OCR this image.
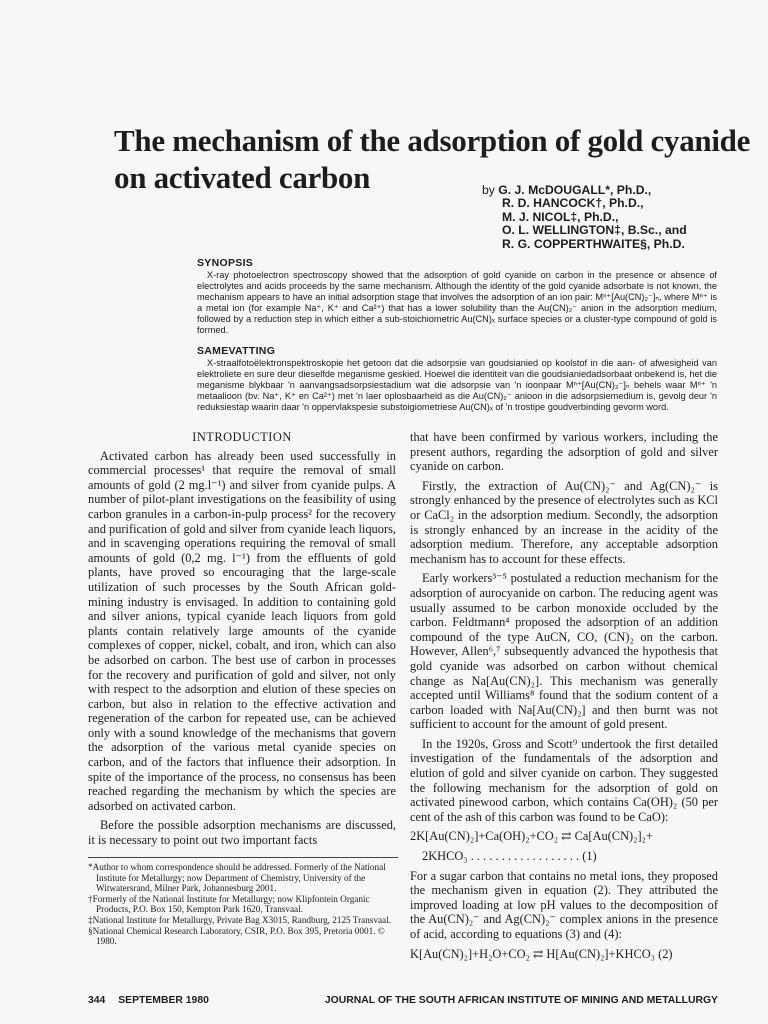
The mechanism of the adsorption of gold cyanide on activated carbon	by G. J. McDOUGALL*, Ph.D.,
R. D. HANCOCK†, Ph.D.,
M. J. NICOL‡, Ph.D.,
O. L. WELLINGTON‡, B.Sc., and
R. G. COPPERTHWAITE§, Ph.D.
SYNOPSIS

X-ray photoelectron spectroscopy showed that the adsorption of gold cyanide on carbon in the presence or absence of electrolytes and acids proceeds by the same mechanism. Although the identity of the gold cyanide adsorbate is not known, the mechanism appears to have an initial adsorption stage that involves the adsorption of an ion pair: Mⁿ⁺[Au(CN)₂⁻]ₙ, where Mⁿ⁺ is a metal ion (for example Na⁺, K⁺ and Ca²⁺) that has a lower solubility than the Au(CN)₂⁻ anion in the adsorption medium, followed by a reduction step in which either a sub-stoichiometric Au(CN)ₓ surface species or a cluster-type compound of gold is formed.

SAMEVATTING

X-straalfotoëlektronspektroskopie het getoon dat die adsorpsie van goudsianied op koolstof in die aan- of afwesigheid van elektroliete en sure deur dieselfde meganisme geskied. Hoewel die identiteit van die goudsianiedadsorbaat onbekend is, het die meganisme blykbaar 'n aanvangsadsorpsiestadium wat die adsorpsie van 'n ioonpaar Mⁿ⁺[Au(CN)₂⁻]ₙ behels waar Mⁿ⁺ 'n metaalioon (bv. Na⁺, K⁺ en Ca²⁺) met 'n laer oplosbaarheid as die Au(CN)₂⁻ anioon in die adsorpsiemedium is, gevolg deur 'n reduksiestap waarin daar 'n oppervlakspesie substoigiometriese Au(CN)ₓ of 'n trostipe goudverbinding gevorm word.

INTRODUCTION

Activated carbon has already been used successfully in commercial processes¹ that require the removal of small amounts of gold (2 mg.l⁻¹) and silver from cyanide pulps. A number of pilot-plant investigations on the feasibility of using carbon granules in a carbon-in-pulp process² for the recovery and purification of gold and silver from cyanide leach liquors, and in scavenging operations requiring the removal of small amounts of gold (0,2 mg. l⁻¹) from the effluents of gold plants, have proved so encouraging that the large-scale utilization of such processes by the South African gold-mining industry is envisaged. In addition to containing gold and silver anions, typical cyanide leach liquors from gold plants contain relatively large amounts of the cyanide complexes of copper, nickel, cobalt, and iron, which can also be adsorbed on carbon. The best use of carbon in processes for the recovery and purification of gold and silver, not only with respect to the adsorption and elution of these species on carbon, but also in relation to the effective activation and regeneration of the carbon for repeated use, can be achieved only with a sound knowledge of the mechanisms that govern the adsorption of the various metal cyanide species on carbon, and of the factors that influence their adsorption. In spite of the importance of the process, no consensus has been reached regarding the mechanism by which the species are adsorbed on activated carbon.

Before the possible adsorption mechanisms are discussed, it is necessary to point out two important facts

*Author to whom correspondence should be addressed. Formerly of the National Institute for Metallurgy; now Department of Chemistry, University of the Witwatersrand, Milner Park, Johannesburg 2001.
†Formerly of the National Institute for Metallurgy; now Klipfontein Organic Products, P.O. Box 150, Kempton Park 1620, Transvaal.
‡National Institute for Metallurgy, Private Bag X3015, Randburg, 2125 Transvaal.
§National Chemical Research Laboratory, CSIR, P.O. Box 395, Pretoria 0001. © 1980.

that have been confirmed by various workers, including the present authors, regarding the adsorption of gold and silver cyanide on carbon.

Firstly, the extraction of Au(CN)₂⁻ and Ag(CN)₂⁻ is strongly enhanced by the presence of electrolytes such as KCl or CaCl₂ in the adsorption medium. Secondly, the adsorption is strongly enhanced by an increase in the acidity of the adsorption medium. Therefore, any acceptable adsorption mechanism has to account for these effects.

Early workers³⁻⁵ postulated a reduction mechanism for the adsorption of aurocyanide on carbon. The reducing agent was usually assumed to be carbon monoxide occluded by the carbon. Feldtmann⁴ proposed the adsorption of an addition compound of the type AuCN, CO, (CN)₂ on the carbon. However, Allen⁶,⁷ subsequently advanced the hypothesis that gold cyanide was adsorbed on carbon without chemical change as Na[Au(CN)₂]. This mechanism was generally accepted until Williams⁸ found that the sodium content of a carbon loaded with Na[Au(CN)₂] and then burnt was not sufficient to account for the amount of gold present.

In the 1920s, Gross and Scott⁹ undertook the first detailed investigation of the fundamentals of the adsorption and elution of gold and silver cyanide on carbon. They suggested the following mechanism for the adsorption of gold on activated pinewood carbon, which contains Ca(OH)₂ (50 per cent of the ash of this carbon was found to be CaO):

2K[Au(CN)₂]+Ca(OH)₂+CO₂ ⇄ Ca[Au(CN)₂]₂+

2KHCO₃ . . . . . . . . . . . . . . . . . . (1)

For a sugar carbon that contains no metal ions, they proposed the mechanism given in equation (2). They attributed the improved loading at low pH values to the decomposition of the Au(CN)₂⁻ and Ag(CN)₂⁻ complex anions in the presence of acid, according to equations (3) and (4):

K[Au(CN)₂]+H₂O+CO₂ ⇄ H[Au(CN)₂]+KHCO₃ (2)

344 SEPTEMBER 1980	JOURNAL OF THE SOUTH AFRICAN INSTITUTE OF MINING AND METALLURGY
